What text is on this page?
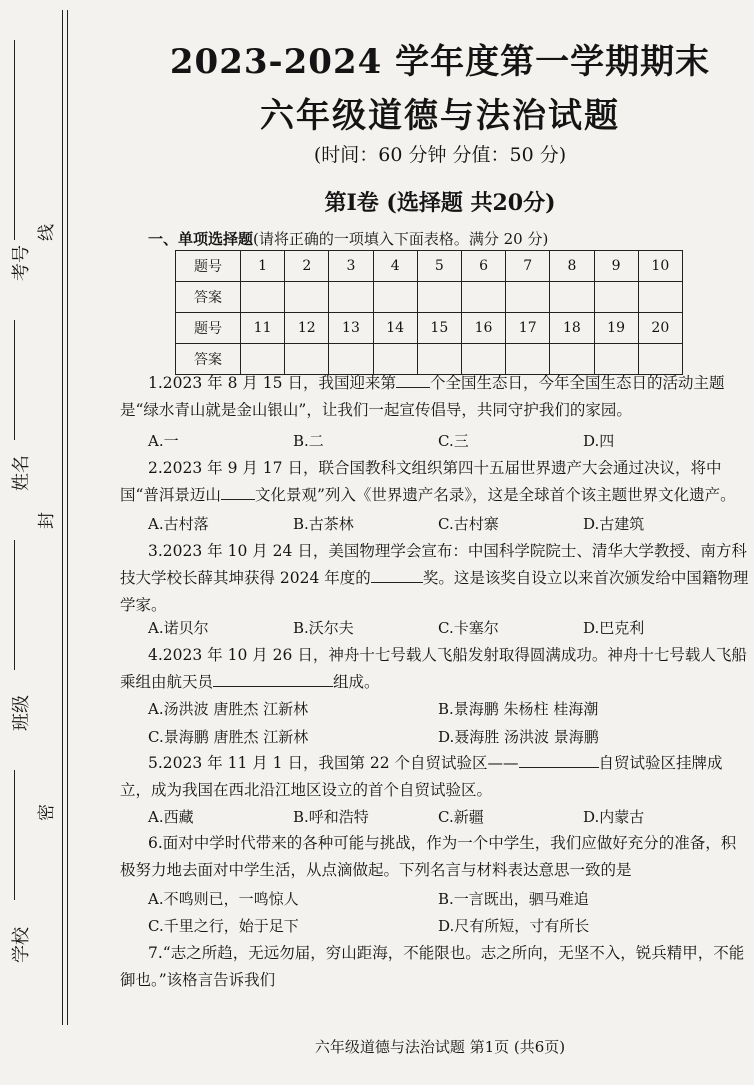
考号
姓名
班级
学校
线
封
密
2023-2024 学年度第一学期期末
六年级道德与法治试题
(时间：60 分钟 分值：50 分)
第Ⅰ卷 (选择题 共20分)
一、单项选择题(请将正确的一项填入下面表格。满分 20 分)
题号	1	2	3	4	5	6	7	8	9	10
答案										
题号	11	12	13	14	15	16	17	18	19	20
答案										
1.2023 年 8 月 15 日，我国迎来第 个全国生态日，今年全国生态日的活动主题是“绿水青山就是金山银山”，让我们一起宣传倡导，共同守护我们的家园。
A.一	B.二	C.三	D.四
2.2023 年 9 月 17 日，联合国教科文组织第四十五届世界遗产大会通过决议，将中国“普洱景迈山 文化景观”列入《世界遗产名录》，这是全球首个该主题世界文化遗产。
A.古村落	B.古茶林	C.古村寨	D.古建筑
3.2023 年 10 月 24 日，美国物理学会宣布：中国科学院院士、清华大学教授、南方科技大学校长薛其坤获得 2024 年度的	奖。这是该奖自设立以来首次颁发给中国籍物理学家。
A.诺贝尔	B.沃尔夫	C.卡塞尔	D.巴克利
4.2023 年 10 月 26 日，神舟十七号载人飞船发射取得圆满成功。神舟十七号载人飞船乘组由航天员	组成。
A.汤洪波 唐胜杰 江新林	B.景海鹏 朱杨柱 桂海潮
C.景海鹏 唐胜杰 江新林	D.聂海胜 汤洪波 景海鹏
5.2023 年 11 月 1 日，我国第 22 个自贸试验区——	自贸试验区挂牌成立，成为我国在西北沿江地区设立的首个自贸试验区。
A.西藏	B.呼和浩特	C.新疆	D.内蒙古
6.面对中学时代带来的各种可能与挑战，作为一个中学生，我们应做好充分的准备，积极努力地去面对中学生活，从点滴做起。下列名言与材料表达意思一致的是
A.不鸣则已，一鸣惊人	B.一言既出，驷马难追
C.千里之行，始于足下	D.尺有所短，寸有所长
7.“志之所趋，无远勿届，穷山距海，不能限也。志之所向，无坚不入，锐兵精甲，不能御也。”该格言告诉我们
六年级道德与法治试题 第1页 (共6页)
